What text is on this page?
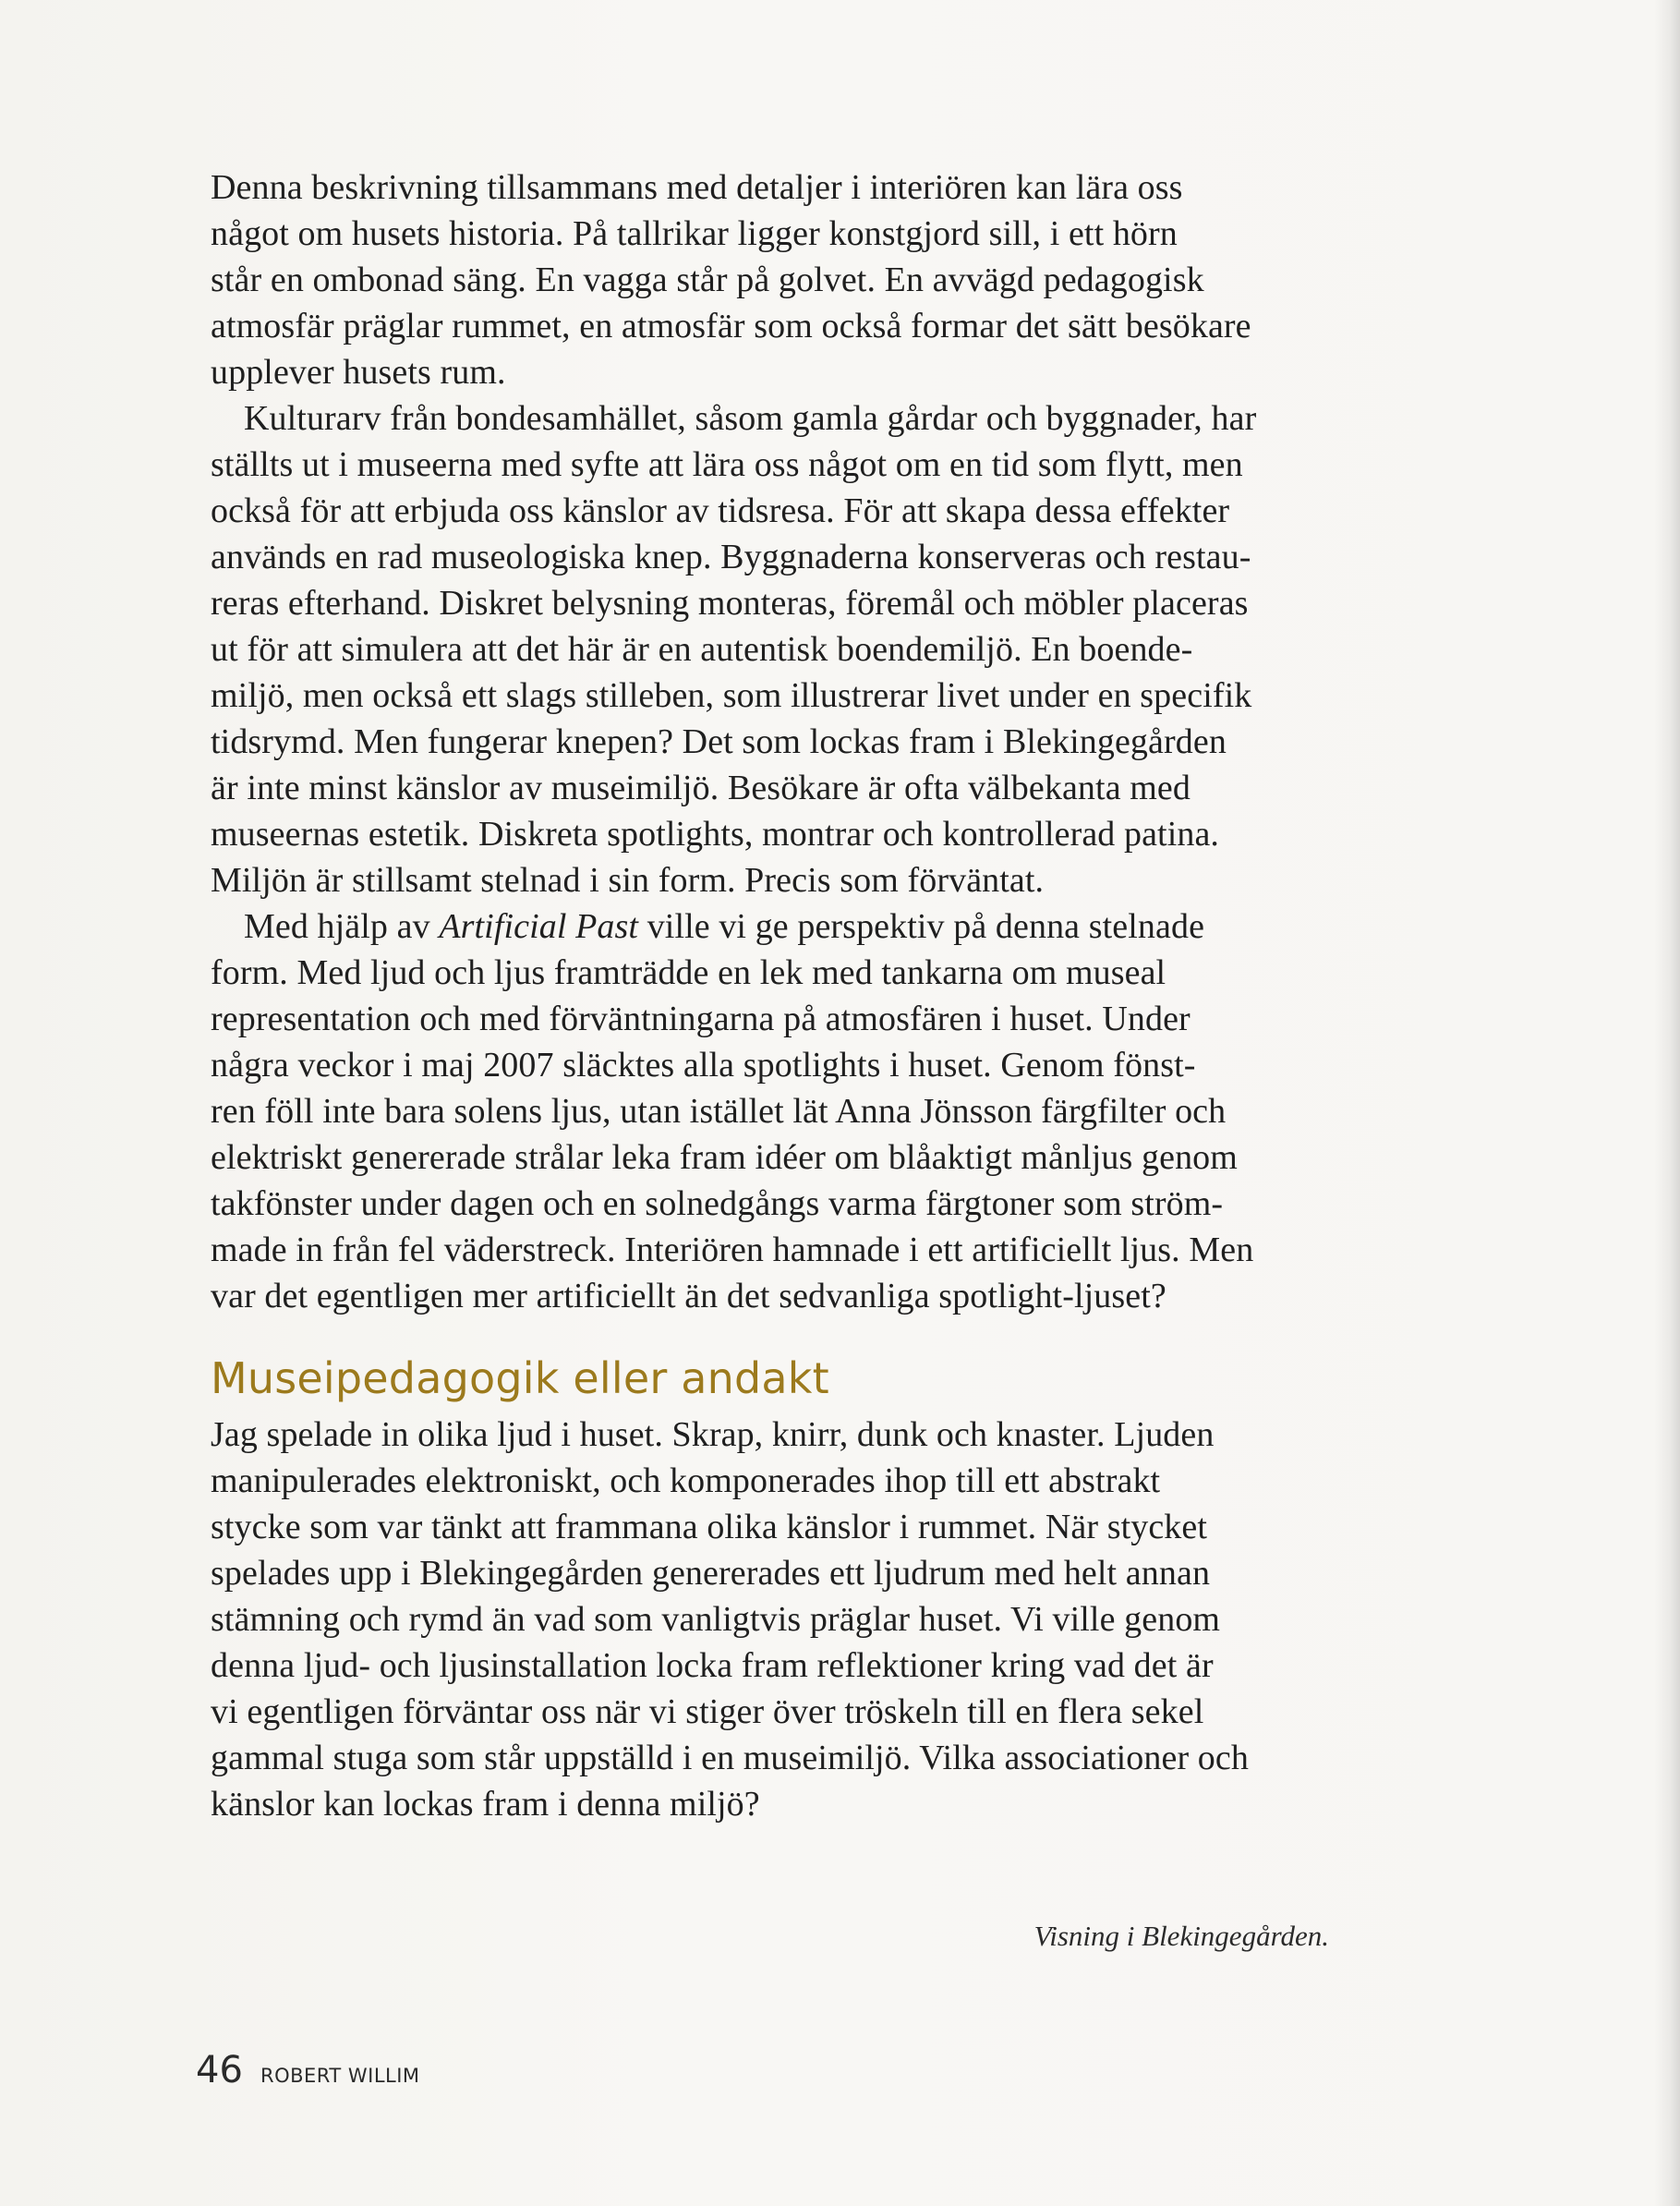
Denna beskrivning tillsammans med detaljer i interiören kan lära oss
något om husets historia. På tallrikar ligger konstgjord sill, i ett hörn
står en ombonad säng. En vagga står på golvet. En avvägd pedagogisk
atmosfär präglar rummet, en atmosfär som också formar det sätt besökare
upplever husets rum.

Kulturarv från bondesamhället, såsom gamla gårdar och byggnader, har
ställts ut i museerna med syfte att lära oss något om en tid som flytt, men
också för att erbjuda oss känslor av tidsresa. För att skapa dessa effekter
används en rad museologiska knep. Byggnaderna konserveras och restau-
reras efterhand. Diskret belysning monteras, föremål och möbler placeras
ut för att simulera att det här är en autentisk boendemiljö. En boende-
miljö, men också ett slags stilleben, som illustrerar livet under en specifik
tidsrymd. Men fungerar knepen? Det som lockas fram i Blekingegården
är inte minst känslor av museimiljö. Besökare är ofta välbekanta med
museernas estetik. Diskreta spotlights, montrar och kontrollerad patina.
Miljön är stillsamt stelnad i sin form. Precis som förväntat.

Med hjälp av Artificial Past ville vi ge perspektiv på denna stelnade
form. Med ljud och ljus framträdde en lek med tankarna om museal
representation och med förväntningarna på atmosfären i huset. Under
några veckor i maj 2007 släcktes alla spotlights i huset. Genom fönst-
ren föll inte bara solens ljus, utan istället lät Anna Jönsson färgfilter och
elektriskt genererade strålar leka fram idéer om blåaktigt månljus genom
takfönster under dagen och en solnedgångs varma färgtoner som ström-
made in från fel väderstreck. Interiören hamnade i ett artificiellt ljus. Men
var det egentligen mer artificiellt än det sedvanliga spotlight-ljuset?

Museipedagogik eller andakt

Jag spelade in olika ljud i huset. Skrap, knirr, dunk och knaster. Ljuden
manipulerades elektroniskt, och komponerades ihop till ett abstrakt
stycke som var tänkt att frammana olika känslor i rummet. När stycket
spelades upp i Blekingegården genererades ett ljudrum med helt annan
stämning och rymd än vad som vanligtvis präglar huset. Vi ville genom
denna ljud- och ljusinstallation locka fram reflektioner kring vad det är
vi egentligen förväntar oss när vi stiger över tröskeln till en flera sekel
gammal stuga som står uppställd i en museimiljö. Vilka associationer och
känslor kan lockas fram i denna miljö?

Visning i Blekingegården.
46 ROBERT WILLIM
